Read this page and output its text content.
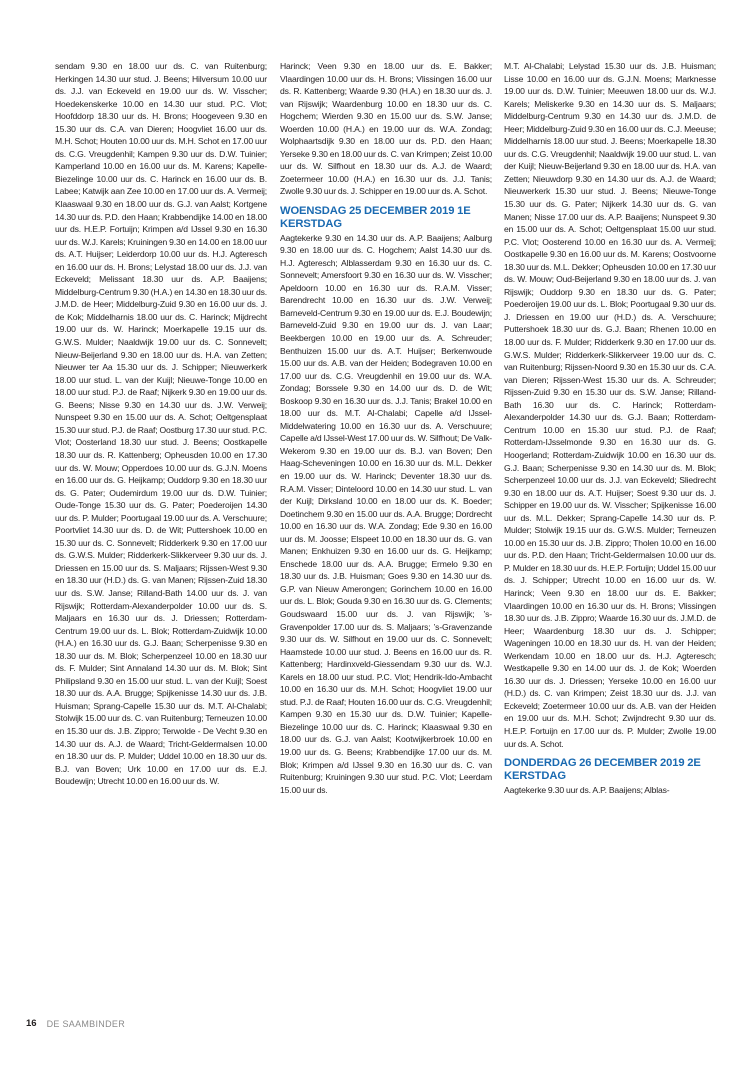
sendam 9.30 en 18.00 uur ds. C. van Ruitenburg; Herkingen 14.30 uur stud. J. Beens; Hilversum 10.00 uur ds. J.J. van Eckeveld en 19.00 uur ds. W. Visscher; Hoedekenskerke 10.00 en 14.30 uur stud. P.C. Vlot; Hoofddorp 18.30 uur ds. H. Brons; Hoogeveen 9.30 en 15.30 uur ds. C.A. van Dieren; Hoogvliet 16.00 uur ds. M.H. Schot; Houten 10.00 uur ds. M.H. Schot en 17.00 uur ds. C.G. Vreugdenhil; Kampen 9.30 uur ds. D.W. Tuinier; Kamperland 10.00 en 16.00 uur ds. M. Karens; Kapelle-Biezelinge 10.00 uur ds. C. Harinck en 16.00 uur ds. B. Labee; Katwijk aan Zee 10.00 en 17.00 uur ds. A. Vermeij; Klaaswaal 9.30 en 18.00 uur ds. G.J. van Aalst; Kortgene 14.30 uur ds. P.D. den Haan; Krabbendijke 14.00 en 18.00 uur ds. H.E.P. Fortuijn; Krimpen a/d IJssel 9.30 en 16.30 uur ds. W.J. Karels; Kruiningen 9.30 en 14.00 en 18.00 uur ds. A.T. Huijser; Leiderdorp 10.00 uur ds. H.J. Agteresch en 16.00 uur ds. H. Brons; Lelystad 18.00 uur ds. J.J. van Eckeveld; Melissant 18.30 uur ds. A.P. Baaijens; Middelburg-Centrum 9.30 (H.A.) en 14.30 en 18.30 uur ds. J.M.D. de Heer; Middelburg-Zuid 9.30 en 16.00 uur ds. J. de Kok; Middelharnis 18.00 uur ds. C. Harinck; Mijdrecht 19.00 uur ds. W. Harinck; Moerkapelle 19.15 uur ds. G.W.S. Mulder; Naaldwijk 19.00 uur ds. C. Sonnevelt; Nieuw-Beijerland 9.30 en 18.00 uur ds. H.A. van Zetten; Nieuwer ter Aa 15.30 uur ds. J. Schipper; Nieuwerkerk 18.00 uur stud. L. van der Kuijl; Nieuwe-Tonge 10.00 en 18.00 uur stud. P.J. de Raaf; Nijkerk 9.30 en 19.00 uur ds. G. Beens; Nisse 9.30 en 14.30 uur ds. J.W. Verweij; Nunspeet 9.30 en 15.00 uur ds. A. Schot; Oeltgensplaat 15.30 uur stud. P.J. de Raaf; Oostburg 17.30 uur stud. P.C. Vlot; Oosterland 18.30 uur stud. J. Beens; Oostkapelle 18.30 uur ds. R. Kattenberg; Opheusden 10.00 en 17.30 uur ds. W. Mouw; Opperdoes 10.00 uur ds. G.J.N. Moens en 16.00 uur ds. G. Heijkamp; Ouddorp 9.30 en 18.30 uur ds. G. Pater; Oudemirdum 19.00 uur ds. D.W. Tuinier; Oude-Tonge 15.30 uur ds. G. Pater; Poederoijen 14.30 uur ds. P. Mulder; Poortugaal 19.00 uur ds. A. Verschuure; Poortvliet 14.30 uur ds. D. de Wit; Puttershoek 10.00 en 15.30 uur ds. C. Sonnevelt; Ridderkerk 9.30 en 17.00 uur ds. G.W.S. Mulder; Ridderkerk-Slikkerveer 9.30 uur ds. J. Driessen en 15.00 uur ds. S. Maljaars; Rijssen-West 9.30 en 18.30 uur (H.D.) ds. G. van Manen; Rijssen-Zuid 18.30 uur ds. S.W. Janse; Rilland-Bath 14.00 uur ds. J. van Rijswijk; Rotterdam-Alexanderpolder 10.00 uur ds. S. Maljaars en 16.30 uur ds. J. Driessen; Rotterdam-Centrum 19.00 uur ds. L. Blok; Rotterdam-Zuidwijk 10.00 (H.A.) en 16.30 uur ds. G.J. Baan; Scherpenisse 9.30 en 18.30 uur ds. M. Blok; Scherpenzeel 10.00 en 18.30 uur ds. F. Mulder; Sint Annaland 14.30 uur ds. M. Blok; Sint Philipsland 9.30 en 15.00 uur stud. L. van der Kuijl; Soest 18.30 uur ds. A.A. Brugge; Spijkenisse 14.30 uur ds. J.B. Huisman; Sprang-Capelle 15.30 uur ds. M.T. Al-Chalabi; Stolwijk 15.00 uur ds. C. van Ruitenburg; Terneuzen 10.00 en 15.30 uur ds. J.B. Zippro; Terwolde - De Vecht 9.30 en 14.30 uur ds. A.J. de Waard; Tricht-Geldermalsen 10.00 en 18.30 uur ds. P. Mulder; Uddel 10.00 en 18.30 uur ds. B.J. van Boven; Urk 10.00 en 17.00 uur ds. E.J. Boudewijn; Utrecht 10.00 en 16.00 uur ds. W.

Harinck; Veen 9.30 en 18.00 uur ds. E. Bakker; Vlaardingen 10.00 uur ds. H. Brons; Vlissingen 16.00 uur ds. R. Kattenberg; Waarde 9.30 (H.A.) en 18.30 uur ds. J. van Rijswijk; Waardenburg 10.00 en 18.30 uur ds. C. Hogchem; Wierden 9.30 en 15.00 uur ds. S.W. Janse; Woerden 10.00 (H.A.) en 19.00 uur ds. W.A. Zondag; Wolphaartsdijk 9.30 en 18.00 uur ds. P.D. den Haan; Yerseke 9.30 en 18.00 uur ds. C. van Krimpen; Zeist 10.00 uur ds. W. Silfhout en 18.30 uur ds. A.J. de Waard; Zoetermeer 10.00 (H.A.) en 16.30 uur ds. J.J. Tanis; Zwolle 9.30 uur ds. J. Schipper en 19.00 uur ds. A. Schot.

WOENSDAG 25 DECEMBER 2019 1E KERSTDAG

Aagtekerke 9.30 en 14.30 uur ds. A.P. Baaijens; Aalburg 9.30 en 18.00 uur ds. C. Hogchem; Aalst 14.30 uur ds. H.J. Agteresch; Alblasserdam 9.30 en 16.30 uur ds. C. Sonnevelt; Amersfoort 9.30 en 16.30 uur ds. W. Visscher; Apeldoorn 10.00 en 16.30 uur ds. R.A.M. Visser; Barendrecht 10.00 en 16.30 uur ds. J.W. Verweij; Barneveld-Centrum 9.30 en 19.00 uur ds. E.J. Boudewijn; Barneveld-Zuid 9.30 en 19.00 uur ds. J. van Laar; Beekbergen 10.00 en 19.00 uur ds. A. Schreuder; Benthuizen 15.00 uur ds. A.T. Huijser; Berkenwoude 15.00 uur ds. A.B. van der Heiden; Bodegraven 10.00 en 17.00 uur ds. C.G. Vreugdenhil en 19.00 uur ds. W.A. Zondag; Borssele 9.30 en 14.00 uur ds. D. de Wit; Boskoop 9.30 en 16.30 uur ds. J.J. Tanis; Brakel 10.00 en 18.00 uur ds. M.T. Al-Chalabi; Capelle a/d IJssel-Middelwatering 10.00 en 16.30 uur ds. A. Verschuure; Capelle a/d IJssel-West 17.00 uur ds. W. Silfhout; De Valk-Wekerom 9.30 en 19.00 uur ds. B.J. van Boven; Den Haag-Scheveningen 10.00 en 16.30 uur ds. M.L. Dekker en 19.00 uur ds. W. Harinck; Deventer 18.30 uur ds. R.A.M. Visser; Dinteloord 10.00 en 14.30 uur stud. L. van der Kuijl; Dirksland 10.00 en 18.00 uur ds. K. Boeder; Doetinchem 9.30 en 15.00 uur ds. A.A. Brugge; Dordrecht 10.00 en 16.30 uur ds. W.A. Zondag; Ede 9.30 en 16.00 uur ds. M. Joosse; Elspeet 10.00 en 18.30 uur ds. G. van Manen; Enkhuizen 9.30 en 16.00 uur ds. G. Heijkamp; Enschede 18.00 uur ds. A.A. Brugge; Ermelo 9.30 en 18.30 uur ds. J.B. Huisman; Goes 9.30 en 14.30 uur ds. G.P. van Nieuw Amerongen; Gorinchem 10.00 en 16.00 uur ds. L. Blok; Gouda 9.30 en 16.30 uur ds. G. Clements; Goudswaard 15.00 uur ds. J. van Rijswijk; ’s-Gravenpolder 17.00 uur ds. S. Maljaars; ’s-Gravenzande 9.30 uur ds. W. Silfhout en 19.00 uur ds. C. Sonnevelt; Haamstede 10.00 uur stud. J. Beens en 16.00 uur ds. R. Kattenberg; Hardinxveld-Giessendam 9.30 uur ds. W.J. Karels en 18.00 uur stud. P.C. Vlot; Hendrik-Ido-Ambacht 10.00 en 16.30 uur ds. M.H. Schot; Hoogvliet 19.00 uur stud. P.J. de Raaf; Houten 16.00 uur ds. C.G. Vreugdenhil; Kampen 9.30 en 15.30 uur ds. D.W. Tuinier; Kapelle-Biezelinge 10.00 uur ds. C. Harinck; Klaaswaal 9.30 en 18.00 uur ds. G.J. van Aalst; Kootwijkerbroek 10.00 en 19.00 uur ds. G. Beens; Krabbendijke 17.00 uur ds. M. Blok; Krimpen a/d IJssel 9.30 en 16.30 uur ds. C. van Ruitenburg; Kruiningen 9.30 uur stud. P.C. Vlot; Leerdam 15.00 uur ds.

M.T. Al-Chalabi; Lelystad 15.30 uur ds. J.B. Huisman; Lisse 10.00 en 16.00 uur ds. G.J.N. Moens; Marknesse 19.00 uur ds. D.W. Tuinier; Meeuwen 18.00 uur ds. W.J. Karels; Meliskerke 9.30 en 14.30 uur ds. S. Maljaars; Middelburg-Centrum 9.30 en 14.30 uur ds. J.M.D. de Heer; Middelburg-Zuid 9.30 en 16.00 uur ds. C.J. Meeuse; Middelharnis 18.00 uur stud. J. Beens; Moerkapelle 18.30 uur ds. C.G. Vreugdenhil; Naaldwijk 19.00 uur stud. L. van der Kuijl; Nieuw-Beijerland 9.30 en 18.00 uur ds. H.A. van Zetten; Nieuwdorp 9.30 en 14.30 uur ds. A.J. de Waard; Nieuwerkerk 15.30 uur stud. J. Beens; Nieuwe-Tonge 15.30 uur ds. G. Pater; Nijkerk 14.30 uur ds. G. van Manen; Nisse 17.00 uur ds. A.P. Baaijens; Nunspeet 9.30 en 15.00 uur ds. A. Schot; Oeltgensplaat 15.00 uur stud. P.C. Vlot; Oosterend 10.00 en 16.30 uur ds. A. Vermeij; Oostkapelle 9.30 en 16.00 uur ds. M. Karens; Oostvoorne 18.30 uur ds. M.L. Dekker; Opheusden 10.00 en 17.30 uur ds. W. Mouw; Oud-Beijerland 9.30 en 18.00 uur ds. J. van Rijswijk; Ouddorp 9.30 en 18.30 uur ds. G. Pater; Poederoijen 19.00 uur ds. L. Blok; Poortugaal 9.30 uur ds. J. Driessen en 19.00 uur (H.D.) ds. A. Verschuure; Puttershoek 18.30 uur ds. G.J. Baan; Rhenen 10.00 en 18.00 uur ds. F. Mulder; Ridderkerk 9.30 en 17.00 uur ds. G.W.S. Mulder; Ridderkerk-Slikkerveer 19.00 uur ds. C. van Ruitenburg; Rijssen-Noord 9.30 en 15.30 uur ds. C.A. van Dieren; Rijssen-West 15.30 uur ds. A. Schreuder; Rijssen-Zuid 9.30 en 15.30 uur ds. S.W. Janse; Rilland-Bath 16.30 uur ds. C. Harinck; Rotterdam-Alexanderpolder 14.30 uur ds. G.J. Baan; Rotterdam-Centrum 10.00 en 15.30 uur stud. P.J. de Raaf; Rotterdam-IJsselmonde 9.30 en 16.30 uur ds. G. Hoogerland; Rotterdam-Zuidwijk 10.00 en 16.30 uur ds. G.J. Baan; Scherpenisse 9.30 en 14.30 uur ds. M. Blok; Scherpenzeel 10.00 uur ds. J.J. van Eckeveld; Sliedrecht 9.30 en 18.00 uur ds. A.T. Huijser; Soest 9.30 uur ds. J. Schipper en 19.00 uur ds. W. Visscher; Spijkenisse 16.00 uur ds. M.L. Dekker; Sprang-Capelle 14.30 uur ds. P. Mulder; Stolwijk 19.15 uur ds. G.W.S. Mulder; Terneuzen 10.00 en 15.30 uur ds. J.B. Zippro; Tholen 10.00 en 16.00 uur ds. P.D. den Haan; Tricht-Geldermalsen 10.00 uur ds. P. Mulder en 18.30 uur ds. H.E.P. Fortuijn; Uddel 15.00 uur ds. J. Schipper; Utrecht 10.00 en 16.00 uur ds. W. Harinck; Veen 9.30 en 18.00 uur ds. E. Bakker; Vlaardingen 10.00 en 16.30 uur ds. H. Brons; Vlissingen 18.30 uur ds. J.B. Zippro; Waarde 16.30 uur ds. J.M.D. de Heer; Waardenburg 18.30 uur ds. J. Schipper; Wageningen 10.00 en 18.30 uur ds. H. van der Heiden; Werkendam 10.00 en 18.00 uur ds. H.J. Agteresch; Westkapelle 9.30 en 14.00 uur ds. J. de Kok; Woerden 16.30 uur ds. J. Driessen; Yerseke 10.00 en 16.00 uur (H.D.) ds. C. van Krimpen; Zeist 18.30 uur ds. J.J. van Eckeveld; Zoetermeer 10.00 uur ds. A.B. van der Heiden en 19.00 uur ds. M.H. Schot; Zwijndrecht 9.30 uur ds. H.E.P. Fortuijn en 17.00 uur ds. P. Mulder; Zwolle 19.00 uur ds. A. Schot.

DONDERDAG 26 DECEMBER 2019 2E KERSTDAG

Aagtekerke 9.30 uur ds. A.P. Baaijens; Alblas-

16 DE SAAMBINDER
